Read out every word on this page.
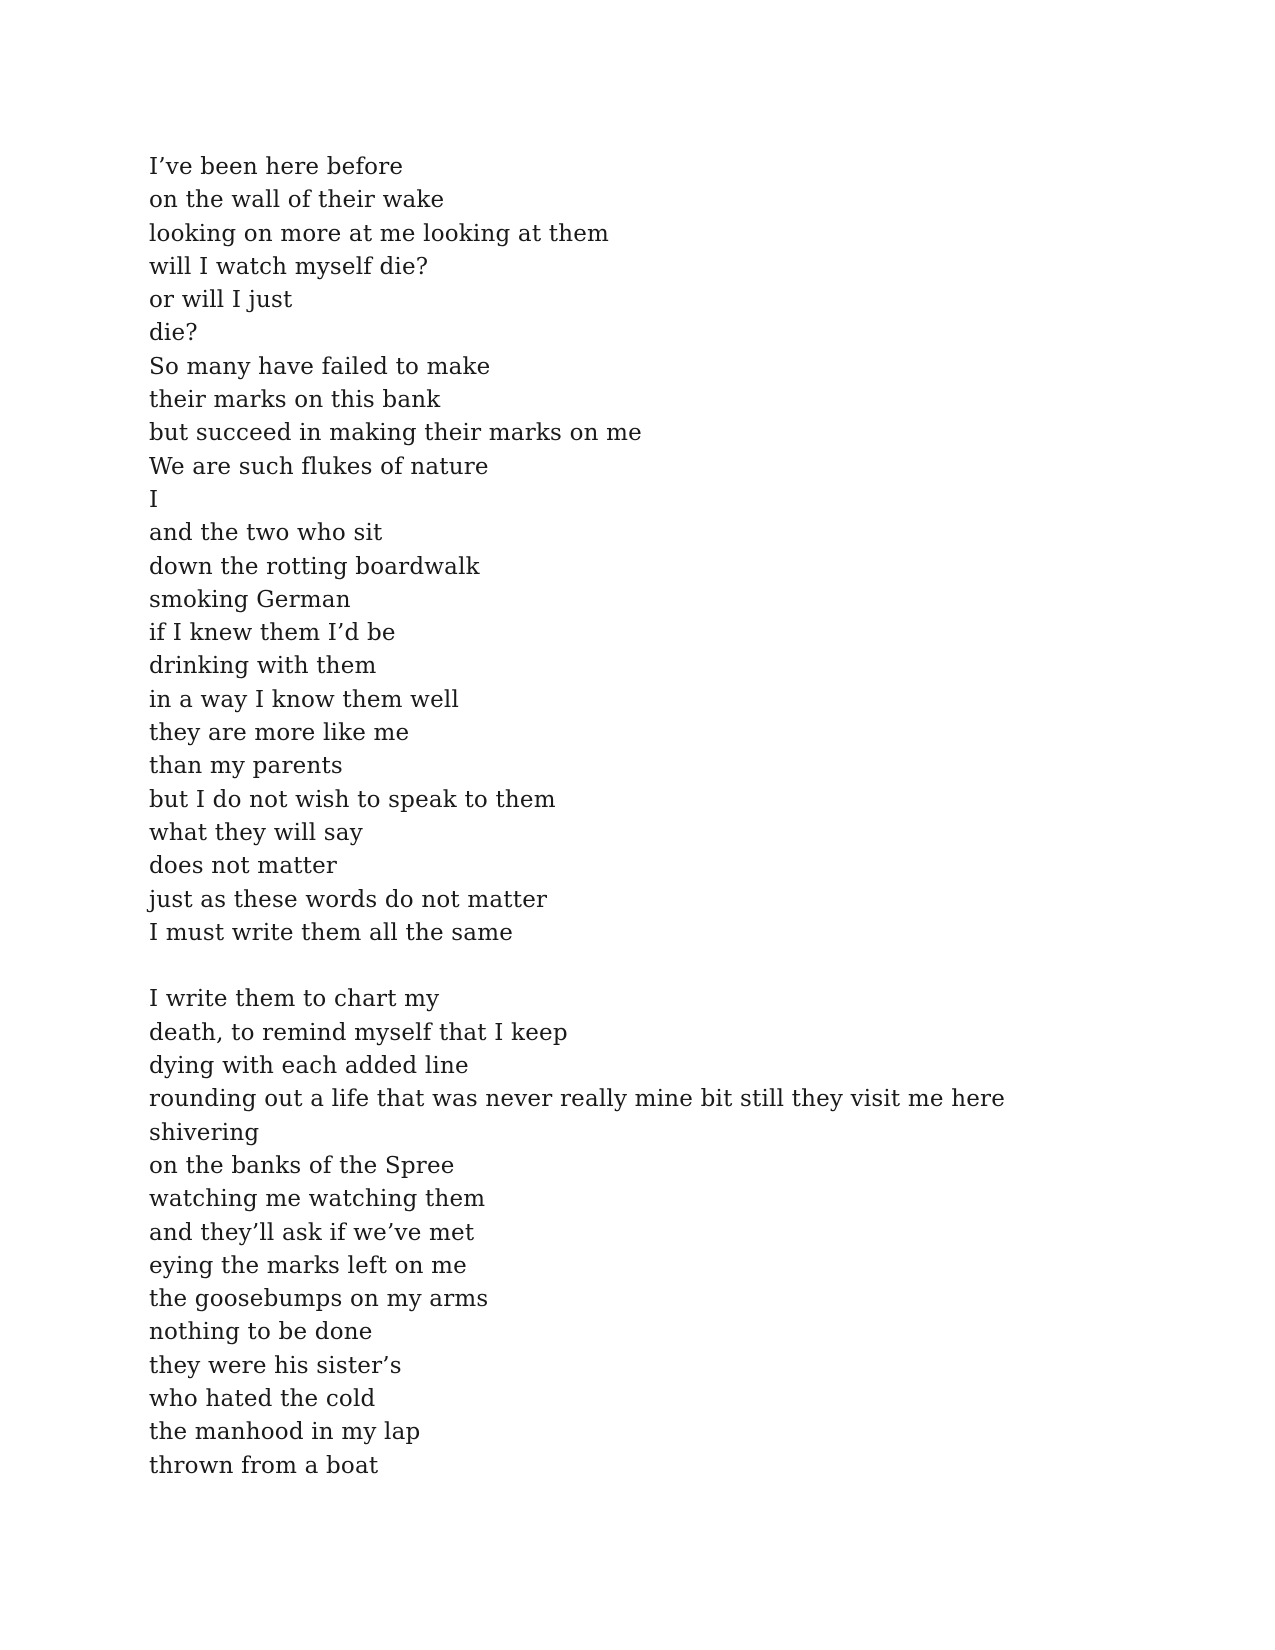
I’ve been here before
on the wall of their wake
looking on more at me looking at them
will I watch myself die?
or will I just
die?
So many have failed to make
their marks on this bank
but succeed in making their marks on me
We are such flukes of nature
I
and the two who sit
down the rotting boardwalk
smoking German
if I knew them I’d be
drinking with them
in a way I know them well
they are more like me
than my parents
but I do not wish to speak to them
what they will say
does not matter
just as these words do not matter
I must write them all the same
I write them to chart my
death, to remind myself that I keep
dying with each added line
rounding out a life that was never really mine bit still they visit me here
shivering
on the banks of the Spree
watching me watching them
and they’ll ask if we’ve met
eying the marks left on me
the goosebumps on my arms
nothing to be done
they were his sister’s
who hated the cold
the manhood in my lap
thrown from a boat
